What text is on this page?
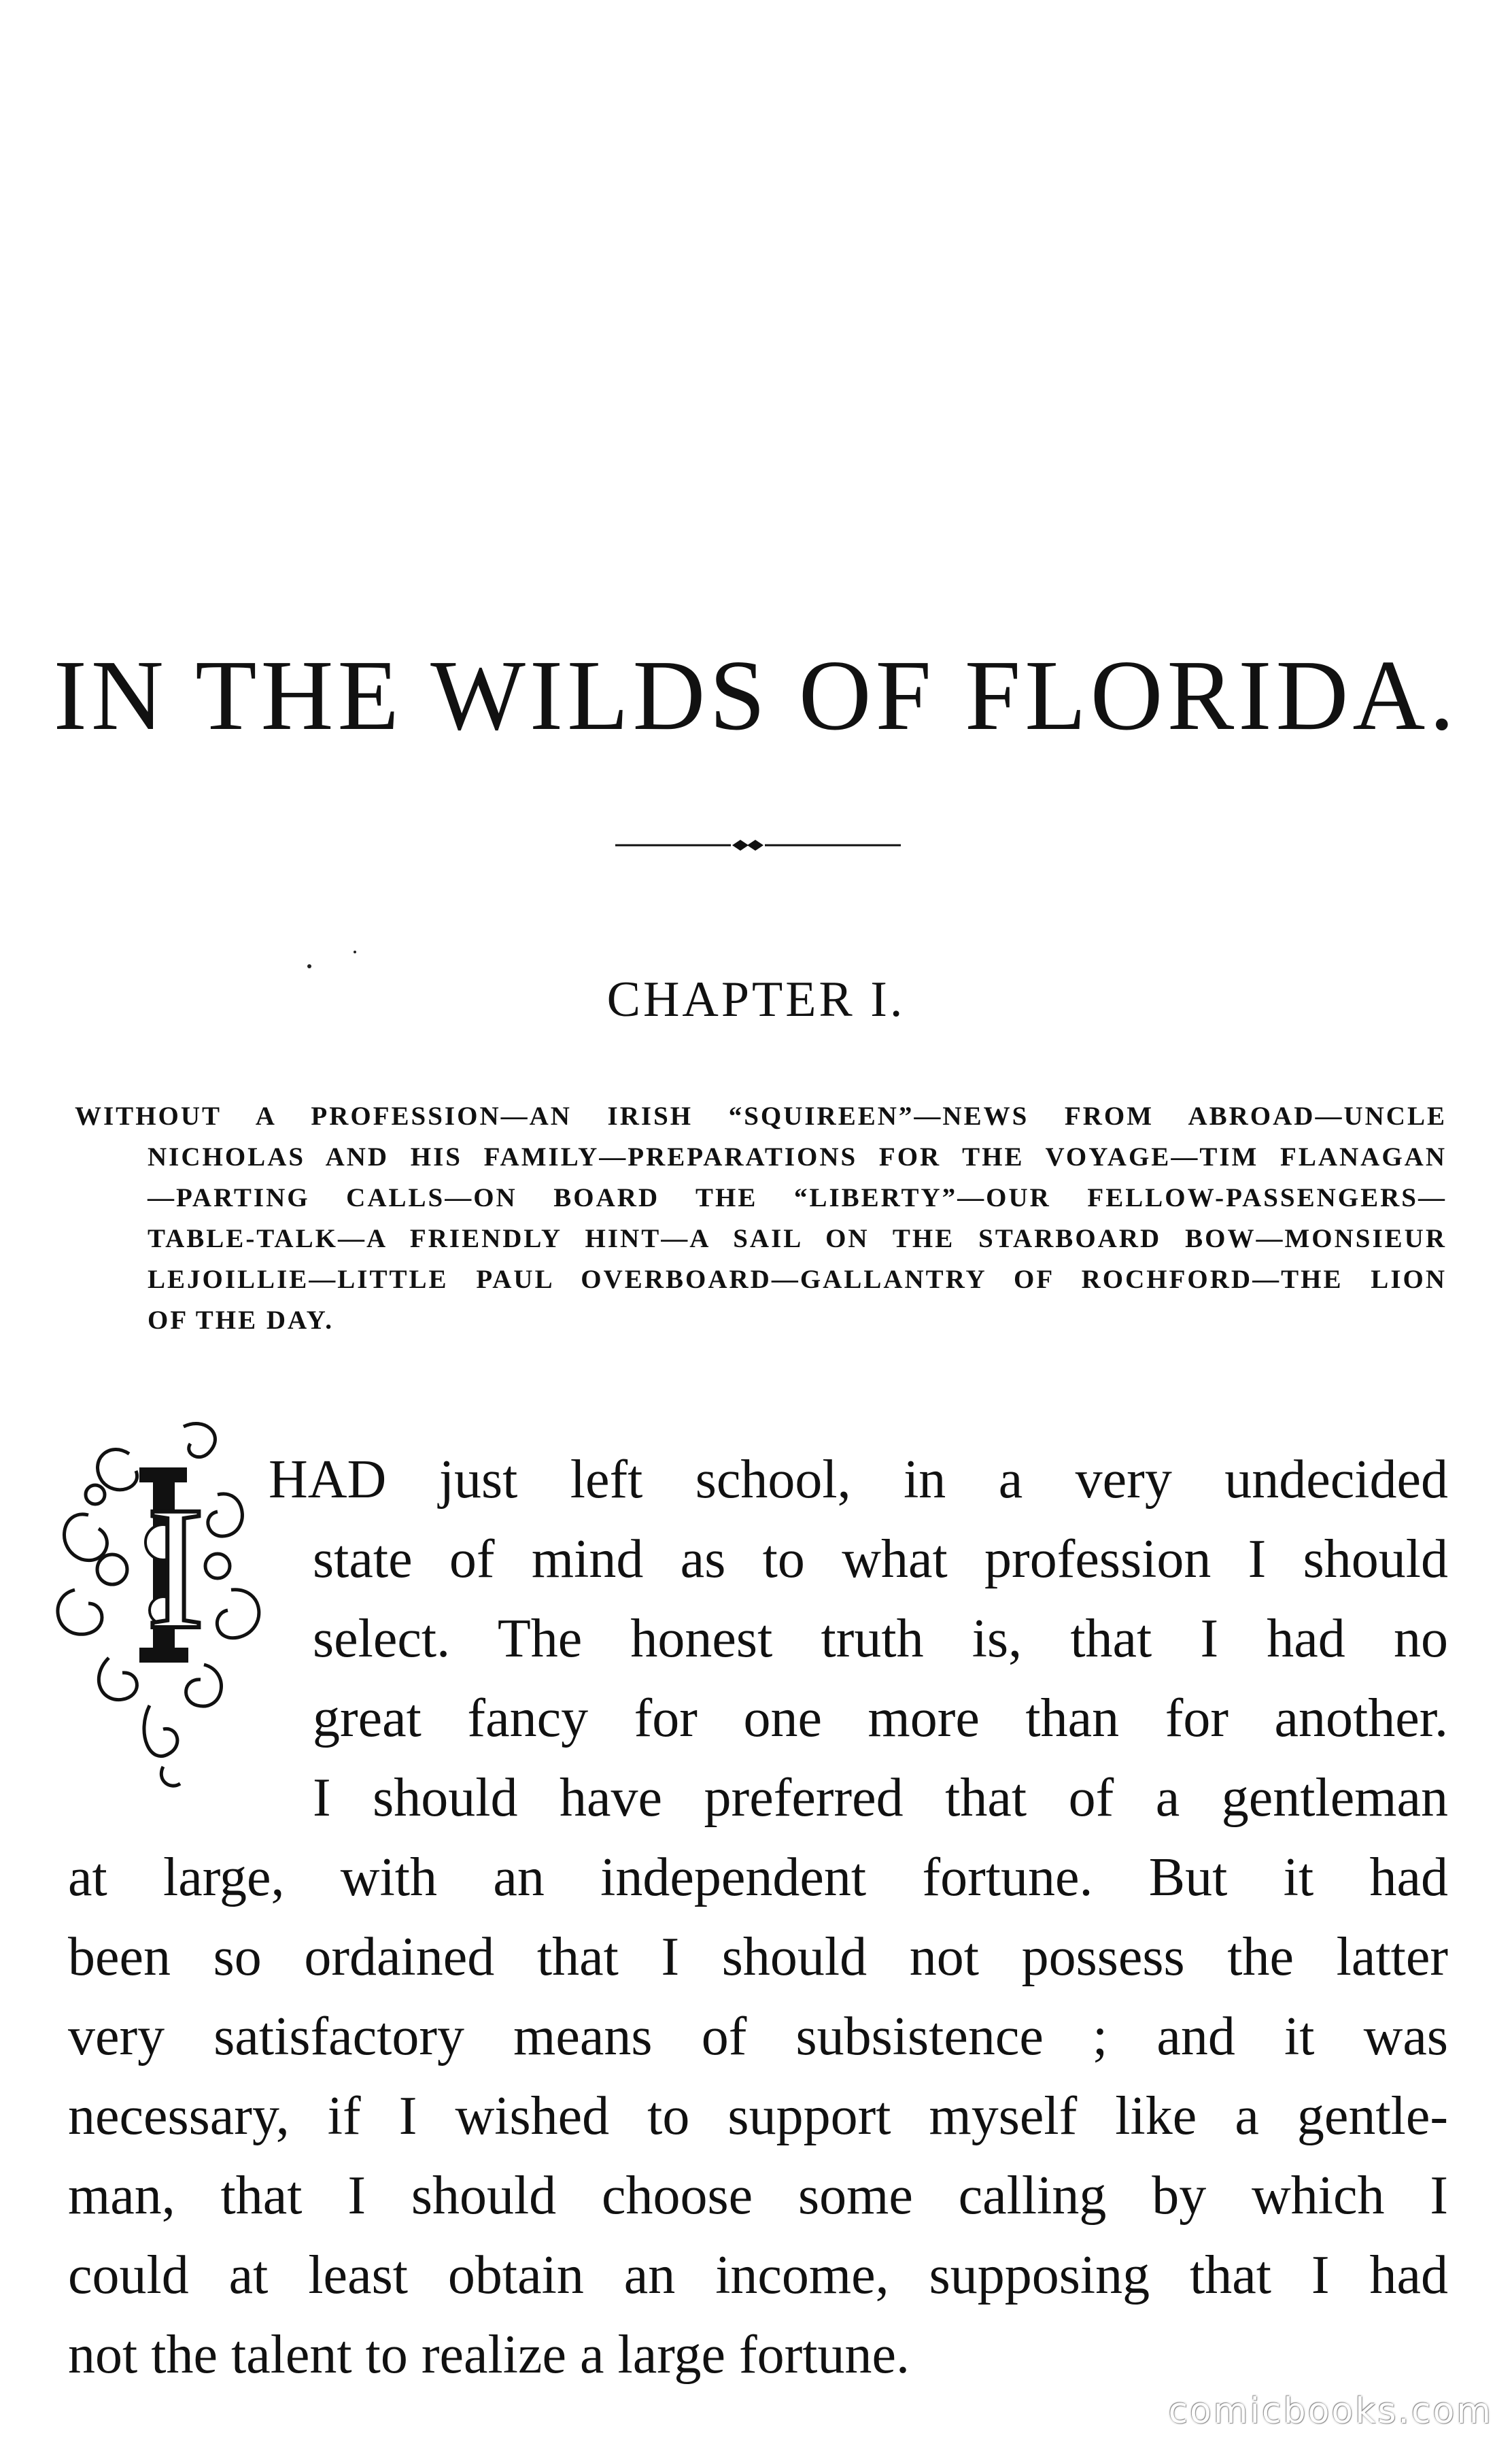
IN THE WILDS OF FLORIDA.
CHAPTER I.
WITHOUT A PROFESSION—AN IRISH “SQUIREEN”—NEWS FROM ABROAD—UNCLE
NICHOLAS AND HIS FAMILY—PREPARATIONS FOR THE VOYAGE—TIM FLANAGAN
—PARTING CALLS—ON BOARD THE “LIBERTY”—OUR FELLOW-PASSENGERS—
TABLE-TALK—A FRIENDLY HINT—A SAIL ON THE STARBOARD BOW—MONSIEUR
LEJOILLIE—LITTLE PAUL OVERBOARD—GALLANTRY OF ROCHFORD—THE LION
OF THE DAY.
I HAD just left school, in a very undecided
state of mind as to what profession I should
select. The honest truth is, that I had no
great fancy for one more than for another.
I should have preferred that of a gentleman
at large, with an independent fortune. But it had
been so ordained that I should not possess the latter
very satisfactory means of subsistence ; and it was
necessary, if I wished to support myself like a gentle-
man, that I should choose some calling by which I
could at least obtain an income, supposing that I had
not the talent to realize a large fortune.
comicbooks.com
